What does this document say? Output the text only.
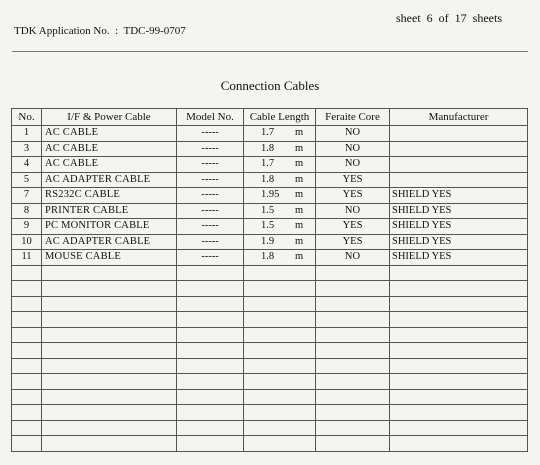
sheet  6  of  17  sheets
TDK Application No.  :  TDC-99-0707
Connection Cables
No.	I/F & Power Cable	Model No.	Cable Length	Feraite Core	Manufacturer
1	AC CABLE	-----	1.7 m	NO	
3	AC CABLE	-----	1.8 m	NO	
4	AC CABLE	-----	1.7 m	NO	
5	AC ADAPTER CABLE	-----	1.8 m	YES	
7	RS232C CABLE	-----	1.95 m	YES	SHIELD YES
8	PRINTER CABLE	-----	1.5 m	NO	SHIELD YES
9	PC MONITOR CABLE	-----	1.5 m	YES	SHIELD YES
10	AC ADAPTER CABLE	-----	1.9 m	YES	SHIELD YES
11	MOUSE CABLE	-----	1.8 m	NO	SHIELD YES
